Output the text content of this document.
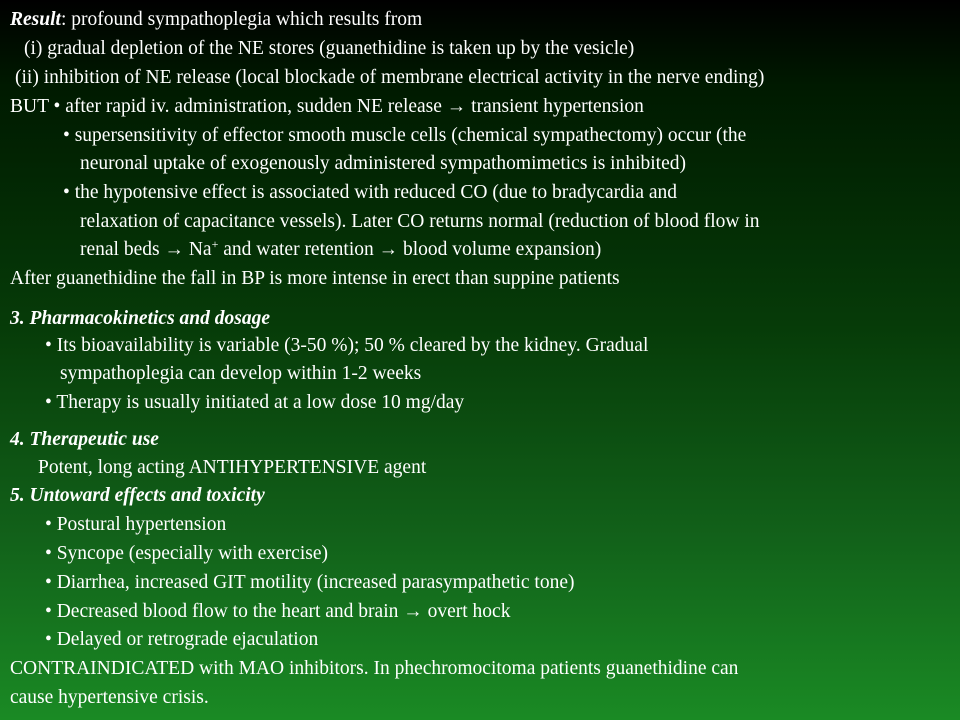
Result: profound sympathoplegia which results from
(i) gradual depletion of the NE stores (guanethidine is taken up by the vesicle)
(ii) inhibition of NE release (local blockade of membrane electrical activity in the nerve ending)
BUT • after rapid iv. administration, sudden NE release → transient hypertension
• supersensitivity of effector smooth muscle cells (chemical sympathectomy) occur (the
neuronal uptake of exogenously administered sympathomimetics is inhibited)
• the hypotensive effect is associated with reduced CO (due to bradycardia and
relaxation of capacitance vessels). Later CO returns normal (reduction of blood flow in
renal beds → Na+ and water retention → blood volume expansion)
After guanethidine the fall in BP is more intense in erect than suppine patients
3. Pharmacokinetics and dosage
• Its bioavailability is variable (3-50 %); 50 % cleared by the kidney. Gradual
sympathoplegia can develop within 1-2 weeks
• Therapy is usually initiated at a low dose 10 mg/day
4. Therapeutic use
Potent, long acting ANTIHYPERTENSIVE agent
5. Untoward effects and toxicity
• Postural hypertension
• Syncope (especially with exercise)
• Diarrhea, increased GIT motility (increased parasympathetic tone)
• Decreased blood flow to the heart and brain → overt hock
• Delayed or retrograde ejaculation
CONTRAINDICATED with MAO inhibitors. In phechromocitoma patients guanethidine can
cause hypertensive crisis.
